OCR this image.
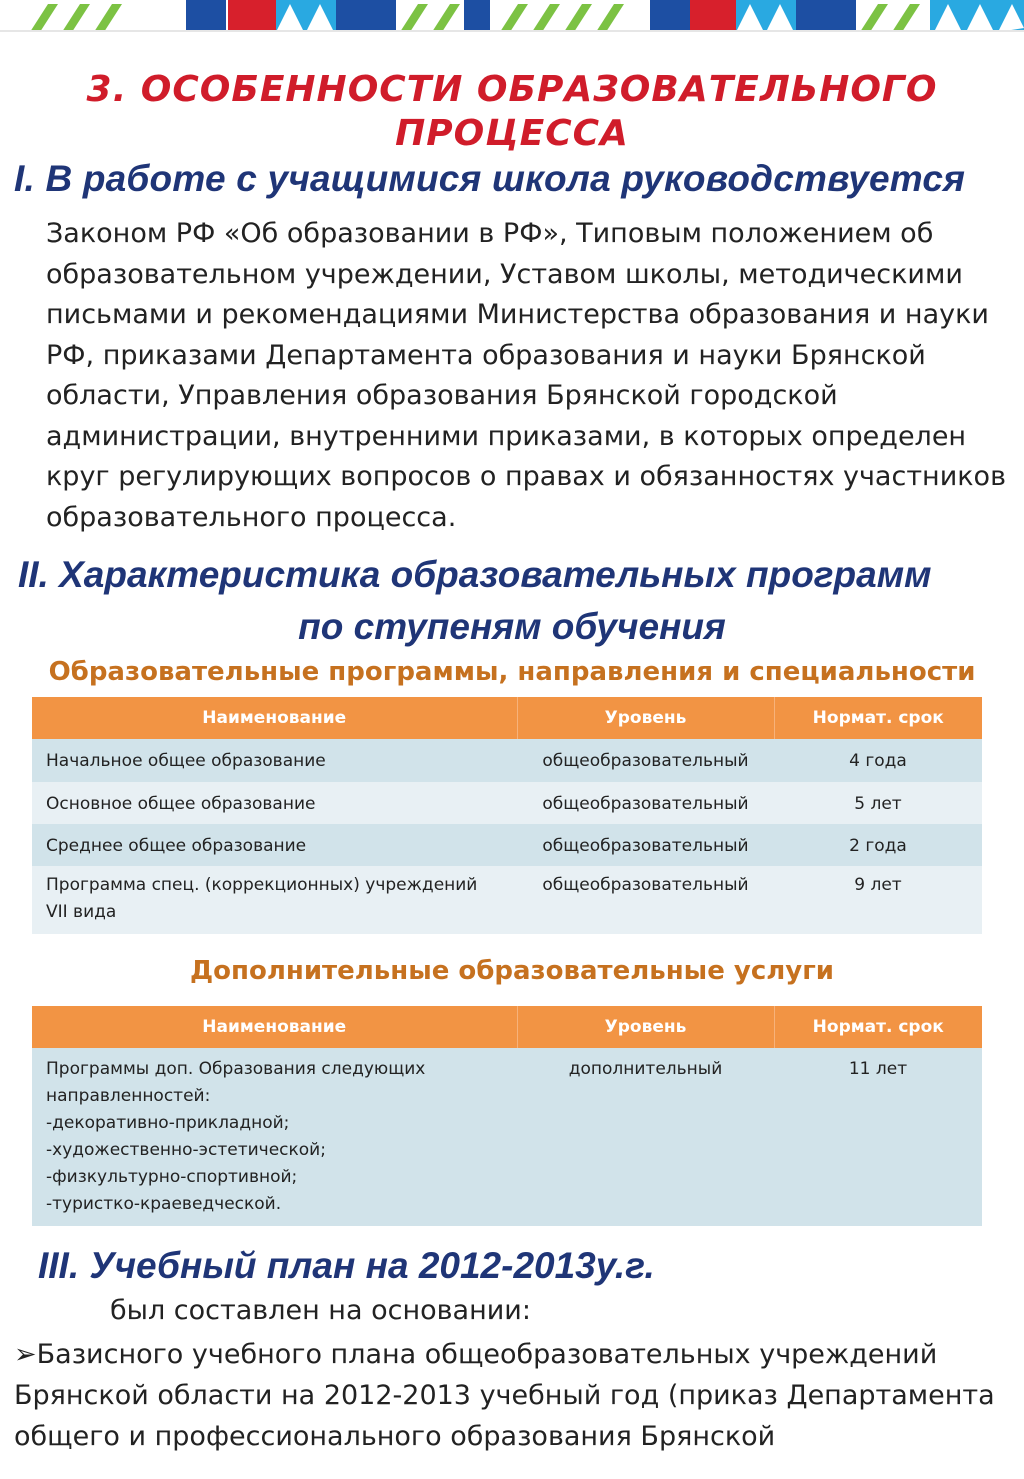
3. ОСОБЕННОСТИ ОБРАЗОВАТЕЛЬНОГО ПРОЦЕССА
I. В работе с учащимися школа руководствуется

Законом РФ «Об образовании в РФ», Типовым положением об образовательном учреждении, Уставом школы, методическими письмами и рекомендациями Министерства образования и науки РФ, приказами Департамента образования и науки Брянской области, Управления образования Брянской городской администрации, внутренними приказами, в которых определен круг регулирующих вопросов о правах и обязанностях участников образовательного процесса.

II. Характеристика образовательных программ
по ступеням обучения
Образовательные программы, направления и специальности
Наименование	Уровень	Нормат. срок
Начальное общее образование	общеобразовательный	4 года
Основное общее образование	общеобразовательный	5 лет
Среднее общее образование	общеобразовательный	2 года
Программа спец. (коррекционных) учреждений VII вида	общеобразовательный	9 лет
Дополнительные образовательные услуги
Наименование	Уровень	Нормат. срок
Программы доп. Образования следующих направленностей:
-декоративно-прикладной;
-художественно-эстетической;
-физкультурно-спортивной;
-туристко-краеведческой.	дополнительный	11 лет
III. Учебный план на 2012-2013у.г.

был составлен на основании:

➢Базисного учебного плана общеобразовательных учреждений Брянской области на 2012-2013 учебный год (приказ Департамента общего и профессионального образования Брянской
